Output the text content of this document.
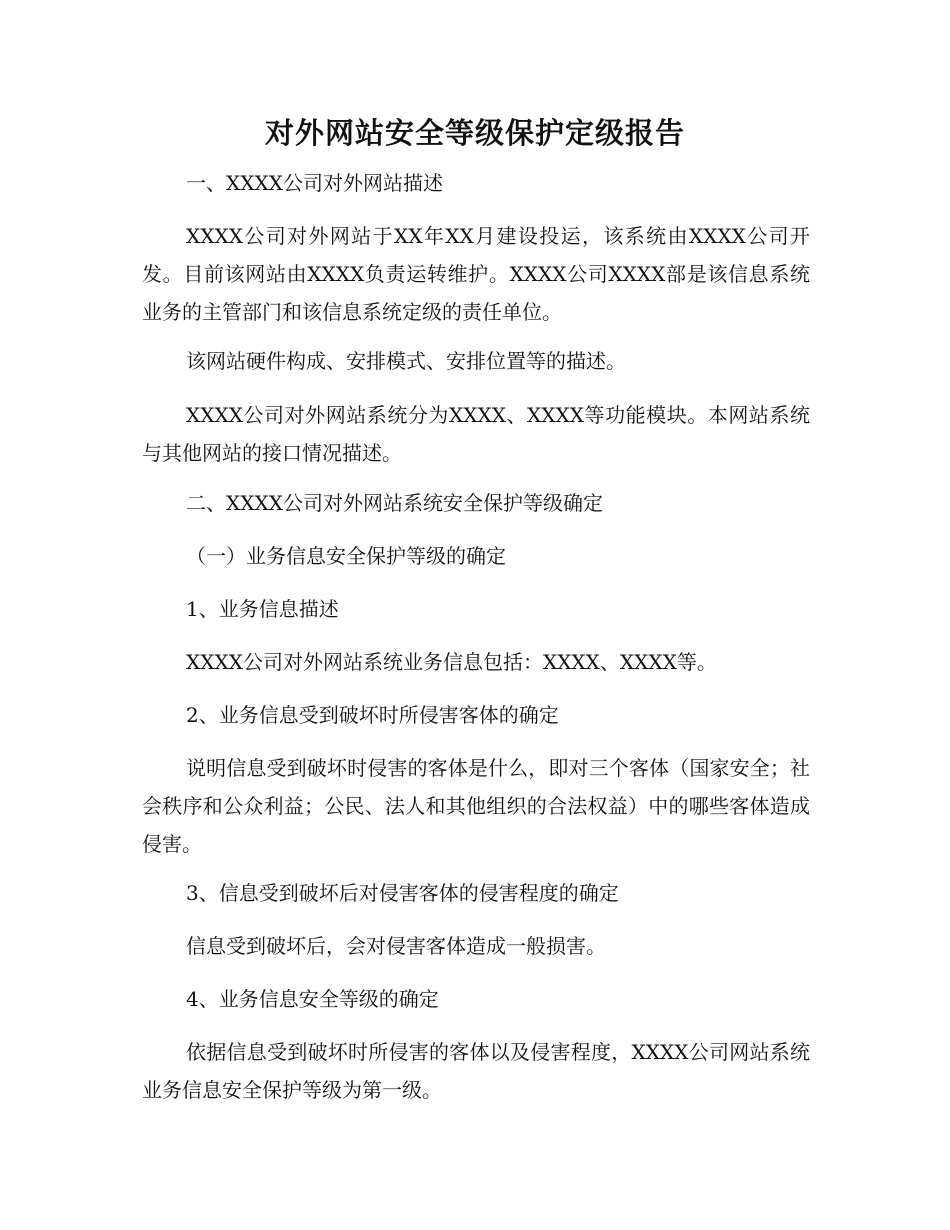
对外网站安全等级保护定级报告
一、XXXX公司对外网站描述
XXXX公司对外网站于XX年XX月建设投运，该系统由XXXX公司开发。目前该网站由XXXX负责运转维护。XXXX公司XXXX部是该信息系统业务的主管部门和该信息系统定级的责任单位。
该网站硬件构成、安排模式、安排位置等的描述。
XXXX公司对外网站系统分为XXXX、XXXX等功能模块。本网站系统与其他网站的接口情况描述。
二、XXXX公司对外网站系统安全保护等级确定
（一）业务信息安全保护等级的确定
1、业务信息描述
XXXX公司对外网站系统业务信息包括：XXXX、XXXX等。
2、业务信息受到破坏时所侵害客体的确定
说明信息受到破坏时侵害的客体是什么，即对三个客体（国家安全；社会秩序和公众利益；公民、法人和其他组织的合法权益）中的哪些客体造成侵害。
3、信息受到破坏后对侵害客体的侵害程度的确定
信息受到破坏后，会对侵害客体造成一般损害。
4、业务信息安全等级的确定
依据信息受到破坏时所侵害的客体以及侵害程度，XXXX公司网站系统业务信息安全保护等级为第一级。
